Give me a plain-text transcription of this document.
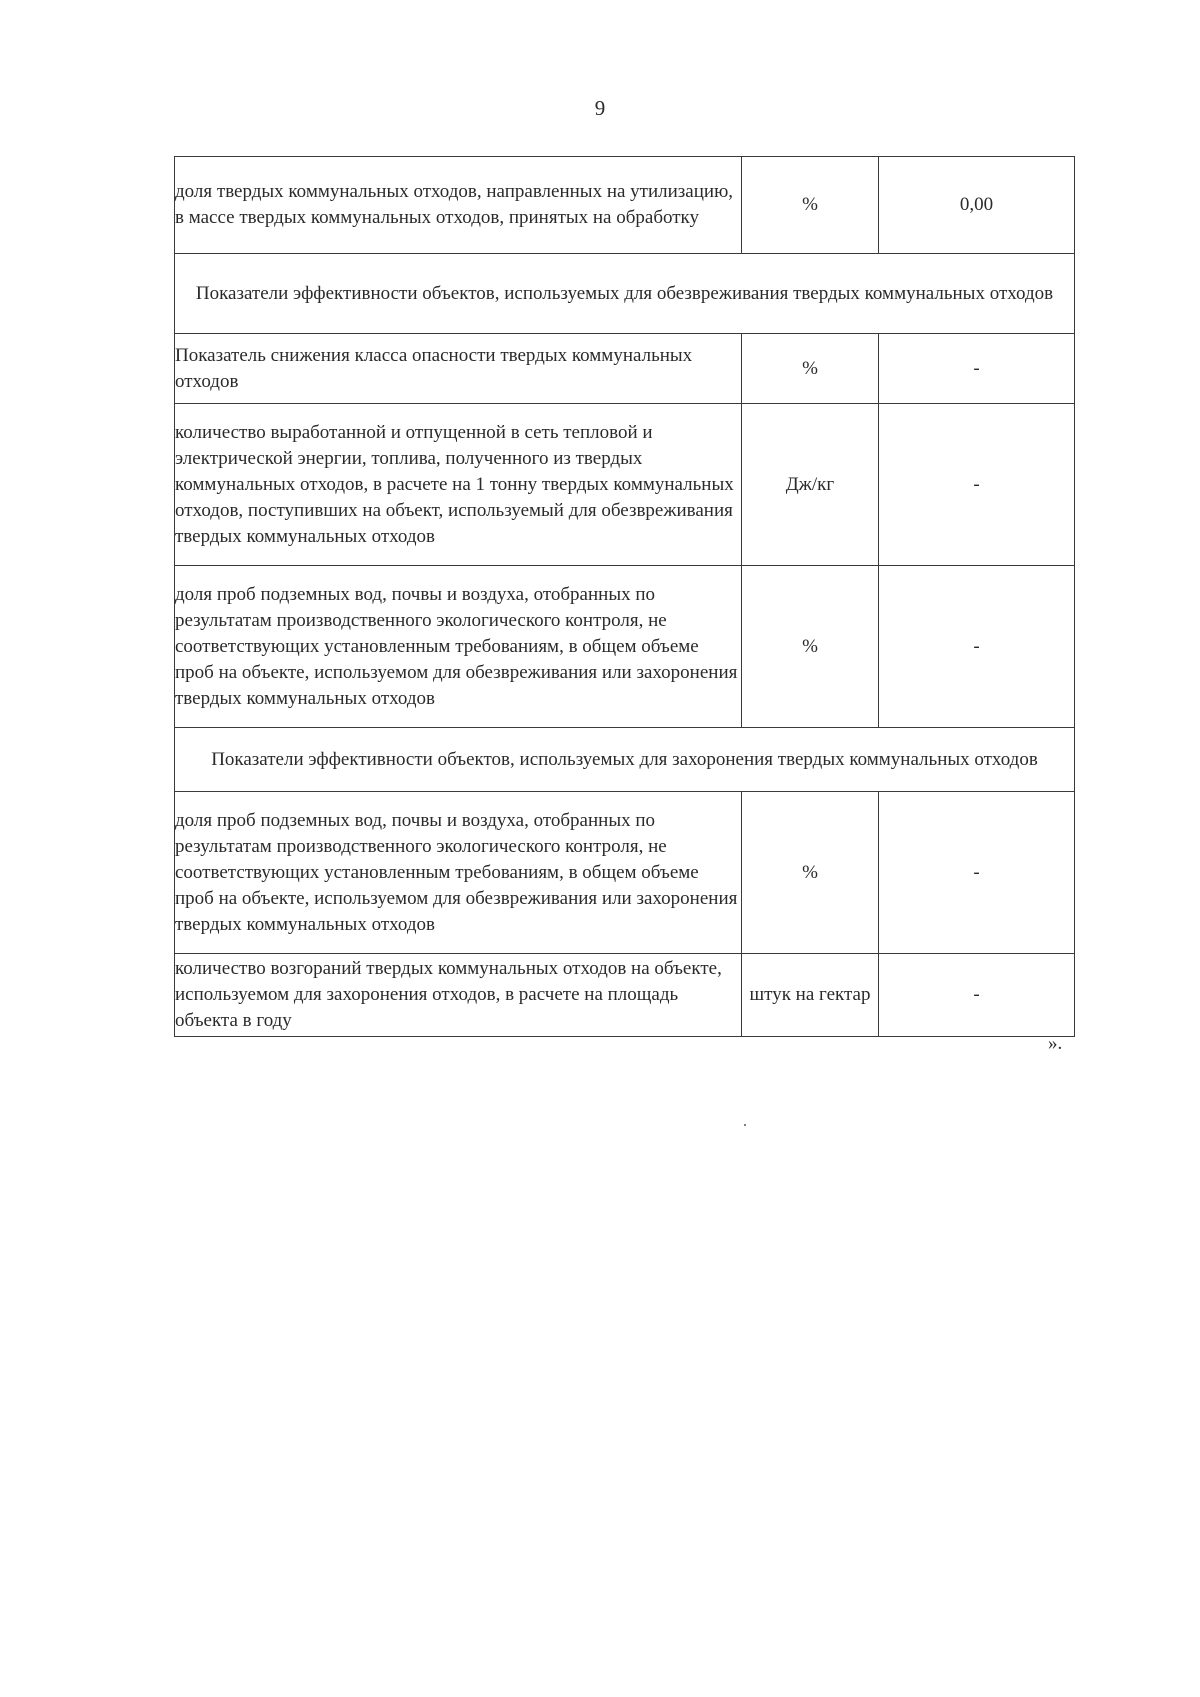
9
доля твердых коммунальных отходов, направленных на утилизацию, в массе твердых коммунальных отходов, принятых на обработку	%	0,00
Показатели эффективности объектов, используемых для обезвреживания твердых коммунальных отходов		
Показатель снижения класса опасности твердых коммунальных отходов	%	-
количество выработанной и отпущенной в сеть тепловой и электрической энергии, топлива, полученного из твердых коммунальных отходов, в расчете на 1 тонну твердых коммунальных отходов, поступивших на объект, используемый для обезвреживания твердых коммунальных отходов	Дж/кг	-
доля проб подземных вод, почвы и воздуха, отобранных по результатам производственного экологического контроля, не соответствующих установленным требованиям, в общем объеме проб на объекте, используемом для обезвреживания или захоронения твердых коммунальных отходов	%	-
Показатели эффективности объектов, используемых для захоронения твердых коммунальных отходов		
доля проб подземных вод, почвы и воздуха, отобранных по результатам производственного экологического контроля, не соответствующих установленным требованиям, в общем объеме проб на объекте, используемом для обезвреживания или захоронения твердых коммунальных отходов	%	-
количество возгораний твердых коммунальных отходов на объекте, используемом для захоронения отходов, в расчете на площадь объекта в году	штук на гектар	-
».
